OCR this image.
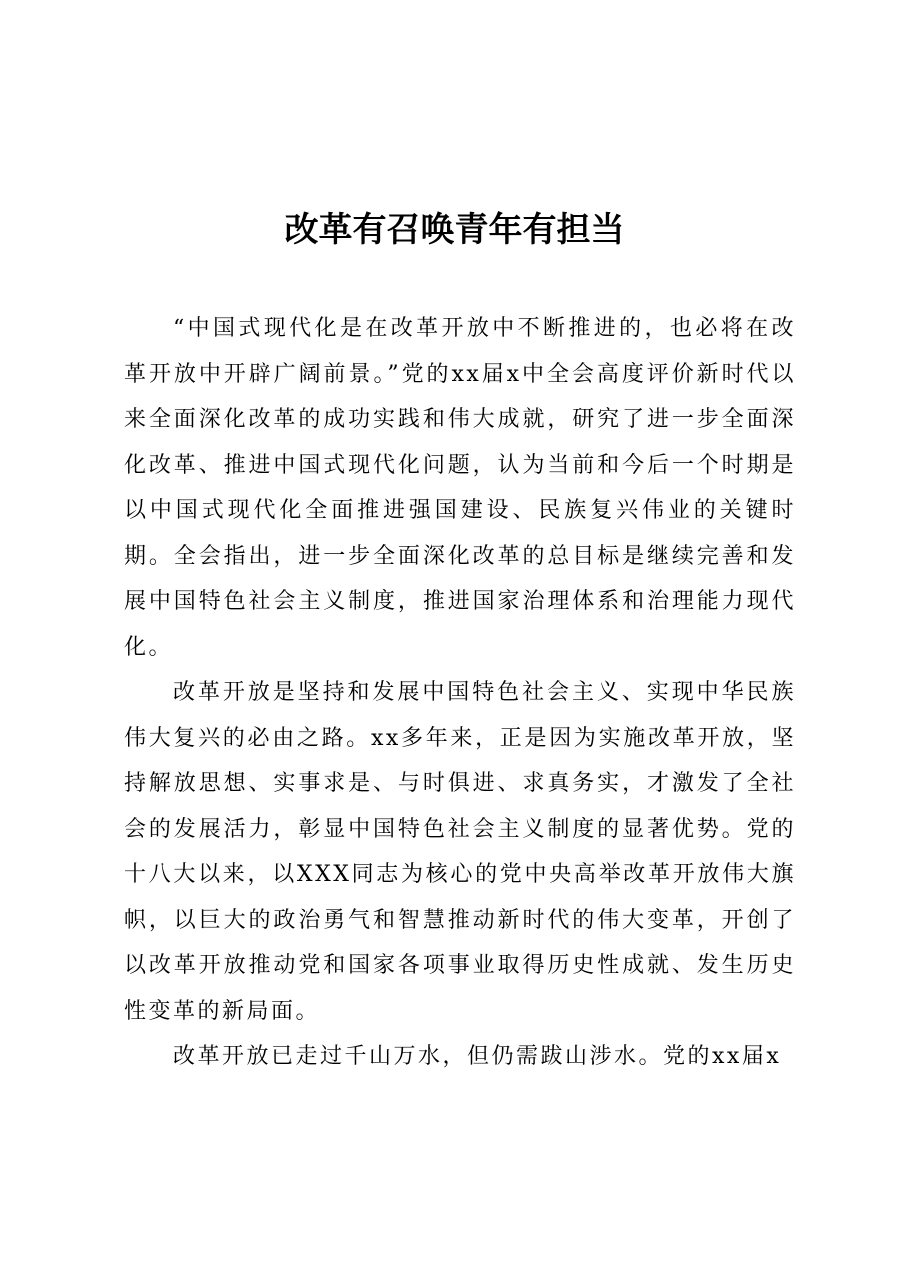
改革有召唤青年有担当

“中国式现代化是在改革开放中不断推进的，也必将在改革开放中开辟广阔前景。”党的xx届x中全会高度评价新时代以来全面深化改革的成功实践和伟大成就，研究了进一步全面深化改革、推进中国式现代化问题，认为当前和今后一个时期是以中国式现代化全面推进强国建设、民族复兴伟业的关键时期。全会指出，进一步全面深化改革的总目标是继续完善和发展中国特色社会主义制度，推进国家治理体系和治理能力现代化。

改革开放是坚持和发展中国特色社会主义、实现中华民族伟大复兴的必由之路。xx多年来，正是因为实施改革开放，坚持解放思想、实事求是、与时俱进、求真务实，才激发了全社会的发展活力，彰显中国特色社会主义制度的显著优势。党的十八大以来，以XXX同志为核心的党中央高举改革开放伟大旗帜，以巨大的政治勇气和智慧推动新时代的伟大变革，开创了以改革开放推动党和国家各项事业取得历史性成就、发生历史性变革的新局面。

改革开放已走过千山万水，但仍需跋山涉水。党的xx届x
